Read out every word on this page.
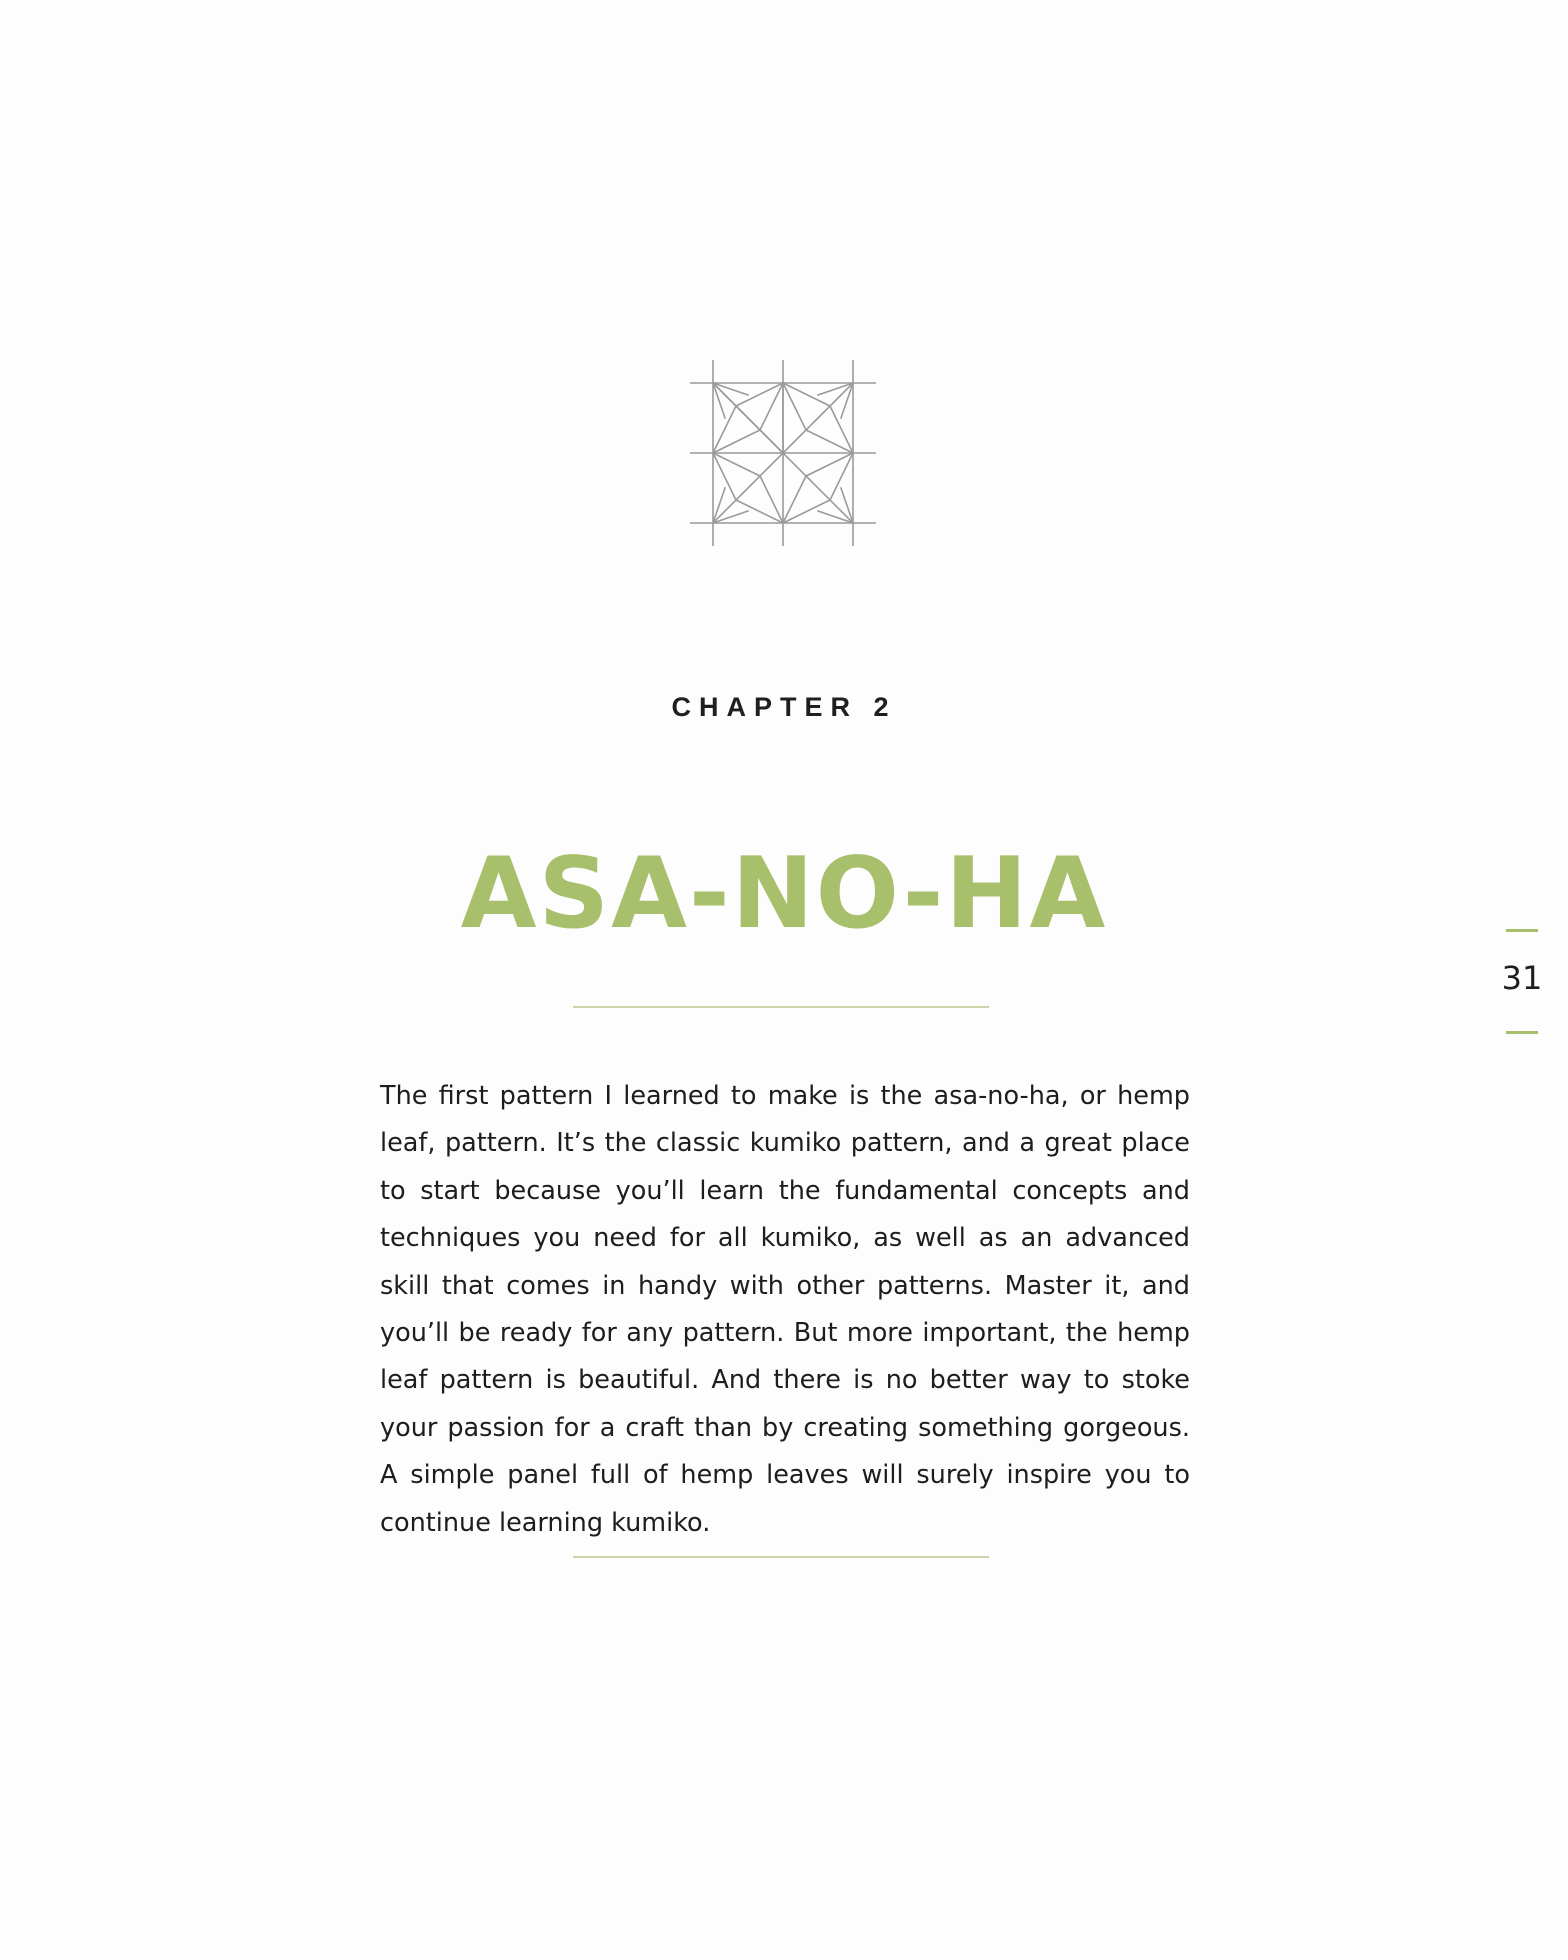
CHAPTER 2
ASA-NO-HA

The first pattern I learned to make is the asa-no-ha, or hemp leaf, pattern. It’s the classic kumiko pattern, and a great place to start because you’ll learn the fundamental concepts and techniques you need for all kumiko, as well as an advanced skill that comes in handy with other patterns. Master it, and you’ll be ready for any pattern. But more important, the hemp leaf pattern is beautiful. And there is no better way to stoke your passion for a craft than by creating something gorgeous. A simple panel full of hemp leaves will surely inspire you to continue learning kumiko.

31
